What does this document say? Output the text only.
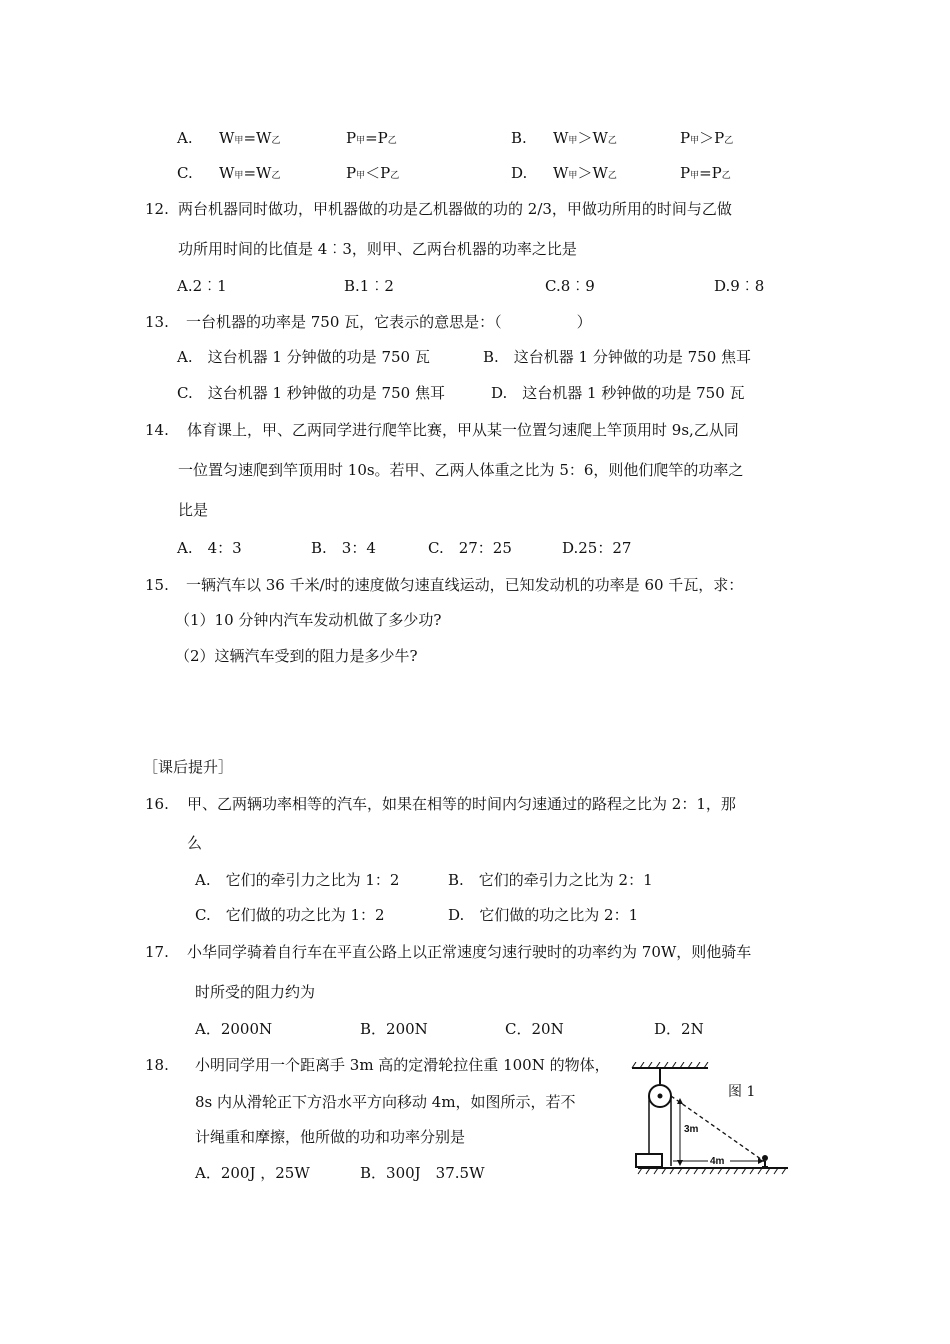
A. W甲=W乙	P甲=P乙	B. W甲＞W乙	P甲＞P乙
C. W甲=W乙	P甲＜P乙	D. W甲＞W乙	P甲=P乙
12. 两台机器同时做功，甲机器做的功是乙机器做的功的 2/3，甲做功所用的时间与乙做
功所用时间的比值是 4︰3，则甲、乙两台机器的功率之比是
A.2︰1	B.1︰2	C.8︰9	D.9︰8
13. 一台机器的功率是 750 瓦，它表示的意思是：（　　　　　）
A.　这台机器 1 分钟做的功是 750 瓦	B.　这台机器 1 分钟做的功是 750 焦耳
C.　这台机器 1 秒钟做的功是 750 焦耳	D.　这台机器 1 秒钟做的功是 750 瓦
14. 体育课上，甲、乙两同学进行爬竿比赛，甲从某一位置匀速爬上竿顶用时 9s,乙从同
一位置匀速爬到竿顶用时 10s。若甲、乙两人体重之比为 5：6，则他们爬竿的功率之
比是
A.　4：3	B.　3：4	C.　27：25	D.25：27
15. 一辆汽车以 36 千米/时的速度做匀速直线运动，已知发动机的功率是 60 千瓦，求：
（1）10 分钟内汽车发动机做了多少功?
（2）这辆汽车受到的阻力是多少牛?
［课后提升］
16. 甲、乙两辆功率相等的汽车，如果在相等的时间内匀速通过的路程之比为 2：1，那
么
A.　它们的牵引力之比为 1：2	B.　它们的牵引力之比为 2：1
C.　它们做的功之比为 1：2	D.　它们做的功之比为 2：1
17. 小华同学骑着自行车在平直公路上以正常速度匀速行驶时的功率约为 70W，则他骑车
时所受的阻力约为
A．2000N	B．200N	C．20N	D．2N
18. 小明同学用一个距离手 3m 高的定滑轮拉住重 100N 的物体，
8s 内从滑轮正下方沿水平方向移动 4m，如图所示，若不
计绳重和摩擦，他所做的功和功率分别是
A．200J ，25W	B．300J　37.5W
3m
4m
图 1
